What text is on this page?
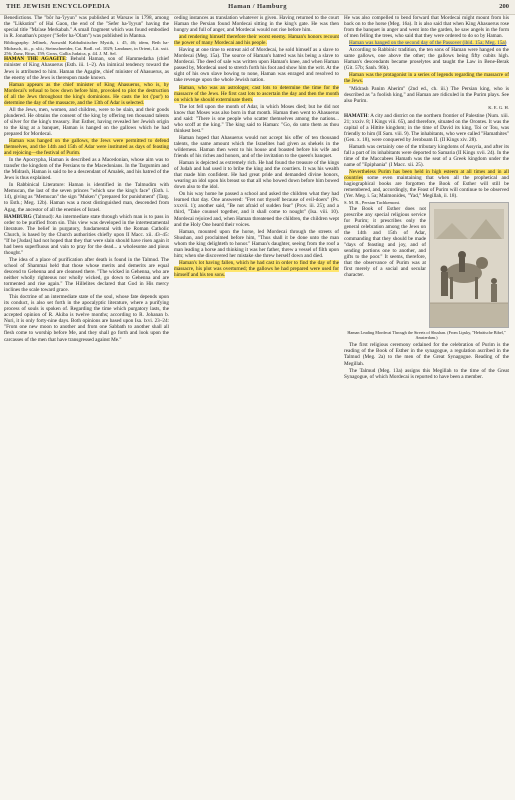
THE JEWISH ENCYCLOPEDIA	Haman / Hamburg	200

Benedictions. The "bôr ha-'îyyun" was published at Warsaw in 1798, among the "Likkutim" of Hai Gaon, the end of the "Sefer ha-'Iyyun" having the special title "Ma'ase Merkabah." A small fragment which was found embodied in R. Jonathan's prayer ("Sefer ha-'Olam") was published in Mantua.

Bibliography: Jellinek, Auswahl Kabbalistischer Mystik, i. 45, 46; idem, Beth ha-Midrasch, iii., p. xlii.; Steinschneider, Cat. Bodl. col. 1029; Landauer, in Orient, Lit. xxii. 256; Zunz, Ritus, 159; Gross, Gallia Judaica, p. 44. J. M. Sel.

HAMAN THE AGAGITE: Behold Haman, son of Hammedatha (chief minister of King Ahasuerus (Esth. iii. 1–2). An inimical tendency toward the Jews is attributed to him. Haman the Agagite, chief minister of Ahasuerus, as the enemy of the Jews is thereupon made known.

Haman appears as the chief minister of King Ahasuerus, who is, by Mordecai's refusal to bow down before him, provoked to plot the destruction of all the Jews throughout the king's dominions. He casts the lot ('pur') to determine the day of the massacre, and the 13th of Adar is selected.

All the Jews, men, women, and children, were to be slain, and their goods plundered. He obtains the consent of the king by offering ten thousand talents of silver for the king's treasury. But Esther, having revealed her Jewish origin to the king at a banquet, Haman is hanged on the gallows which he had prepared for Mordecai.

Haman was hanged on the gallows, the Jews were permitted to defend themselves, and the 14th and 15th of Adar were instituted as days of feasting and rejoicing—the festival of Purim.

In the Apocrypha, Haman is described as a Macedonian, whose aim was to transfer the kingdom of the Persians to the Macedonians. In the Targumim and the Midrash, Haman is said to be a descendant of Amalek, and his hatred of the Jews is thus explained.

In Rabbinical Literature: Haman is identified in the Talmudim with Memucan, the last of the seven princes "which saw the king's face" (Esth. i. 14), giving as "Memucan" the sign "Muken" ("prepared for punishment" (Targ. to Esth.; Meg. 12b). Haman was a most distinguished man, descended from Agag, the ancestor of all the enemies of Israel.

HAMBURG (Talmud): An intermediate state through which man is to pass in order to be purified from sin. This view was developed in the intertestamental literature. The belief in purgatory, fundamental with the Roman Catholic Church, is based by the Church authorities chiefly upon II Macc. xii. 43–45: "If he [Judas] had not hoped that they that were slain should have risen again it had been superfluous and vain to pray for the dead... a wholesome and pious thought."

The idea of a place of purification after death is found in the Talmud. The school of Shammai held that those whose merits and demerits are equal descend to Gehenna and are cleansed there. "The wicked in Gehenna, who are neither wholly righteous nor wholly wicked, go down to Gehenna and are tormented and rise again." The Hillelites declared that God in His mercy inclines the scale toward grace.

This doctrine of an intermediate state of the soul, whose fate depends upon its conduct, is also set forth in the apocalyptic literature, where a purifying process of souls is spoken of. Regarding the time which purgatory lasts, the accepted opinion of R. Akiba is twelve months; according to R. Johanan b. Nuri, it is only forty-nine days. Both opinions are based upon Isa. lxvi. 23–24: "From one new moon to another and from one Sabbath to another shall all flesh come to worship before Me, and they shall go forth and look upon the carcasses of the men that have transgressed against Me."

ceding instances as translation whatever is given. Having returned to the court Haman the Persian found Mordecai sitting in the king's gate. He was then hungry and full of anger, and Mordecai would not rise before him.

and rendering himself therefore their worst enemy. Haman's honors recount the power of many Mordecai and his people.

Having at one time to entreat aid of Mordecai, he sold himself as a slave to Mordecai (Meg. 15a). The source of Haman's hatred was his being a slave to Mordecai. The deed of sale was written upon Haman's knee, and when Haman passed by, Mordecai used to stretch forth his foot and show him the writ. At the sight of his own slave bowing to none, Haman was enraged and resolved to take revenge upon the whole Jewish nation.

Haman, who was an astrologer, cast lots to determine the time for the massacre of the Jews. He first cast lots to ascertain the day and then the month on which he should exterminate them.

The lot fell upon the month of Adar, in which Moses died; but he did not know that Moses was also born in that month. Haman then went to Ahasuerus and said: "There is one people who scatter themselves among the nations... who scoff at the king." The king said to Haman: "Go, do unto them as thou thinkest best."

Haman hoped that Ahasuerus would not accept his offer of ten thousand talents, the same amount which the Israelites had given as shekels in the wilderness. Haman then went to his house and boasted before his wife and friends of his riches and honors, and of the invitation to the queen's banquet.

Haman is depicted as extremely rich. He had found the treasure of the kings of Judah and had used it to bribe the king and the courtiers. It was his wealth that made him confident. He had great pride and demanded divine honors, wearing an idol upon his breast so that all who bowed down before him bowed down also to the idol.

On his way home he passed a school and asked the children what they had learned that day. One answered: "Fret not thyself because of evil-doers" (Ps. xxxvii. 1); another said, "Be not afraid of sudden fear" (Prov. iii. 25); and a third, "Take counsel together, and it shall come to nought" (Isa. viii. 10). Mordecai rejoiced and, when Haman threatened the children, the children wept and the Holy One heard their voices.

Haman, mounted upon the horse, led Mordecai through the streets of Shushan, and proclaimed before him, "Thus shall it be done unto the man whom the king delighteth to honor." Haman's daughter, seeing from the roof a man leading a horse and thinking it was her father, threw a vessel of filth upon him; when she discovered her mistake she threw herself down and died.

Haman's lot having fallen, which he had cast in order to find the day of the massacre, his plot was overturned; the gallows he had prepared were used for himself and his ten sons.

He was also compelled to bend forward that Mordecai might mount from his back on to the horse (Meg. 16a). It is also said that when King Ahasuerus rose from the banquet in anger and went into the garden, he saw angels in the form of men felling the trees, who said that they were ordered to do so by Haman.

Haman was hanged on the second day of the Passover (ibid. 15a; Meg. 15a)

According to Rabbinic tradition, the ten sons of Haman were hanged on the same gallows, one above the other; the gallows being fifty cubits high. Haman's descendants became proselytes and taught the Law in Bene-Berak (Git. 57b; Sanh. 96b).

Haman was the protagonist in a series of legends regarding the massacre of the Jews.

"Midrash Panim Aherim" (2nd ed., ch. iii.) The Persian king, who is described as "a foolish king," and Haman are ridiculed in the Purim plays. See also Purim.

K. E. G. H.

HAMATH: A city and district on the northern frontier of Palestine (Num. xiii. 21; xxxiv. 8; I Kings viii. 65), and therefore, situated on the Orontes. It was the capital of a Hittite kingdom; in the time of David its king, Toi or Tou, was friendly to him (II Sam. viii. 9). The inhabitants, who were called "Hamathites" (Gen. x. 18), were conquered by Jeroboam II. (II Kings xiv. 28).

Hamath was certainly one of the tributary kingdoms of Assyria, and after its fall a part of its inhabitants were deported to Samaria (II Kings xvii. 24). In the time of the Maccabees Hamath was the seat of a Greek kingdom under the name of "Epiphania" (I Macc. xii. 25).

Nevertheless Purim has been held in high esteem at all times and in all countries some even maintaining that when all the prophetical and hagiographical books are forgotten the Book of Esther will still be remembered, and, accordingly, the Feast of Purim will continue to be observed (Yer. Meg. i. 5a; Maimonides, "Yad," Megillah, ii. 18).

S. M. B., Persian Tachkemoni.

The Book of Esther does not prescribe any special religious service for Purim; it prescribes only the general celebration among the Jews on the 14th and 15th of Adar, commanding that they should be made "days of feasting and joy, and of sending portions one to another, and gifts to the poor." It seems, therefore, that the observance of Purim was at first merely of a social and secular character.

Haman Leading Mordecai Through the Streets of Shushan. (From Lipsky, "Hebräische Bibel," Amsterdam.)

The first religious ceremony ordained for the celebration of Purim is the reading of the Book of Esther in the synagogue, a regulation ascribed in the Talmud (Meg. 2a) to the men of the Great Synagogue. Reading of the Megillah.

The Talmud (Meg. 13a) assigns this Megillah to the time of the Great Synagogue, of which Mordecai is reported to have been a member.
